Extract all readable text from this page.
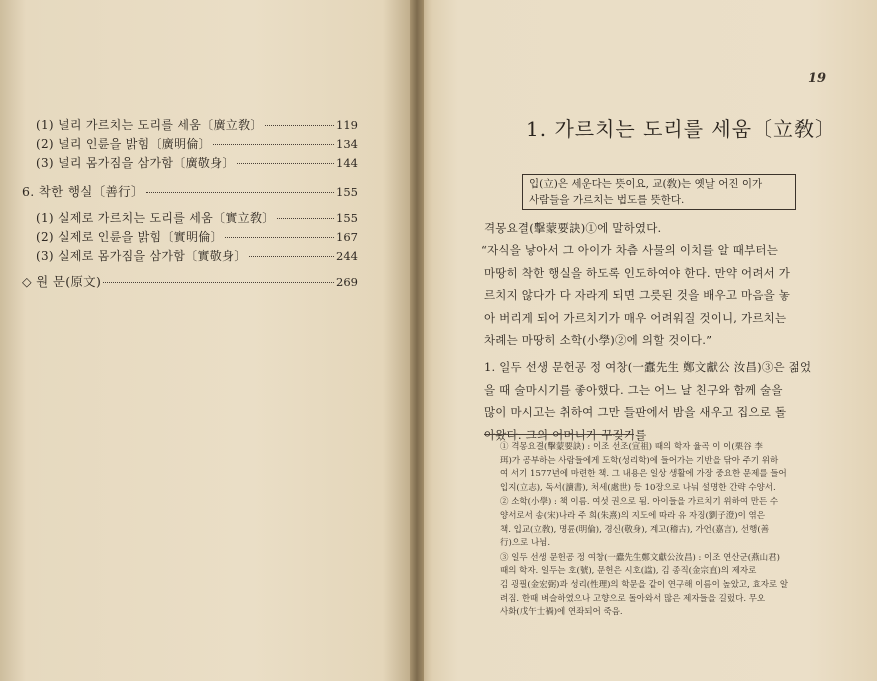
(1) 널리 가르치는 도리를 세움〔廣立敎〕	119
(2) 널리 인륜을 밝힘〔廣明倫〕	134
(3) 널리 몸가짐을 삼가함〔廣敬身〕	144
6. 착한 행실〔善行〕	155
(1) 실제로 가르치는 도리를 세움〔實立敎〕	155
(2) 실제로 인륜을 밝힘〔實明倫〕	167
(3) 실제로 몸가짐을 삼가함〔實敬身〕	244
◇ 원 문(原文)	269
19
1. 가르치는 도리를 세움〔立敎〕
입(立)은 세운다는 뜻이요, 교(敎)는 옛날 어진 이가
사람들을 가르치는 법도를 뜻한다.
격몽요결(擊蒙要訣)①에 말하였다.
“자식을 낳아서 그 아이가 차츰 사물의 이치를 알 때부터는
마땅히 착한 행실을 하도록 인도하여야 한다. 만약 어려서 가
르치지 않다가 다 자라게 되면 그릇된 것을 배우고 마음을 놓
아 버리게 되어 가르치기가 매우 어려워질 것이니, 가르치는
차례는 마땅히 소학(小學)②에 의할 것이다.”
1. 일두 선생 문헌공 정 여창(一蠹先生 鄭文獻公 汝昌)③은 젊었
을 때 술마시기를 좋아했다. 그는 어느 날 친구와 함께 술을
많이 마시고는 취하여 그만 들판에서 밤을 새우고 집으로 돌
아왔다. 그의 어머니가 꾸짖기를
① 격몽요결(擊蒙要訣) : 이조 선조(宣祖) 때의 학자 율곡 이 이(栗谷 李
珥)가 공부하는 사람들에게 도학(성리학)에 들어가는 기반을 닦아 주기 위하
여 서기 1577년에 마련한 책. 그 내용은 일상 생활에 가장 중요한 문제를 들어
입지(立志), 독서(讀書), 처세(處世) 등 10장으로 나눠 설명한 간략 수양서.
② 소학(小學) : 책 이름. 여섯 권으로 됨. 아이들을 가르치기 위하여 만든 수
양서로서 송(宋)나라 주 희(朱熹)의 지도에 따라 유 자징(劉子澄)이 엮은
책. 입교(立敎), 명륜(明倫), 경신(敬身), 계고(稽古), 가언(嘉言), 선행(善
行)으로 나뉨.
③ 일두 선생 문헌공 정 여창(一蠹先生鄭文獻公汝昌) : 이조 연산군(燕山君)
때의 학자. 일두는 호(號), 문헌은 시호(諡), 김 종직(金宗直)의 제자로
김 굉필(金宏弼)과 성리(性理)의 학문을 같이 연구해 이름이 높았고, 효자로 알
려짐. 한때 벼슬하였으나 고향으로 돌아와서 많은 제자들을 길렀다. 무오
사화(戊午士禍)에 연좌되어 죽음.
